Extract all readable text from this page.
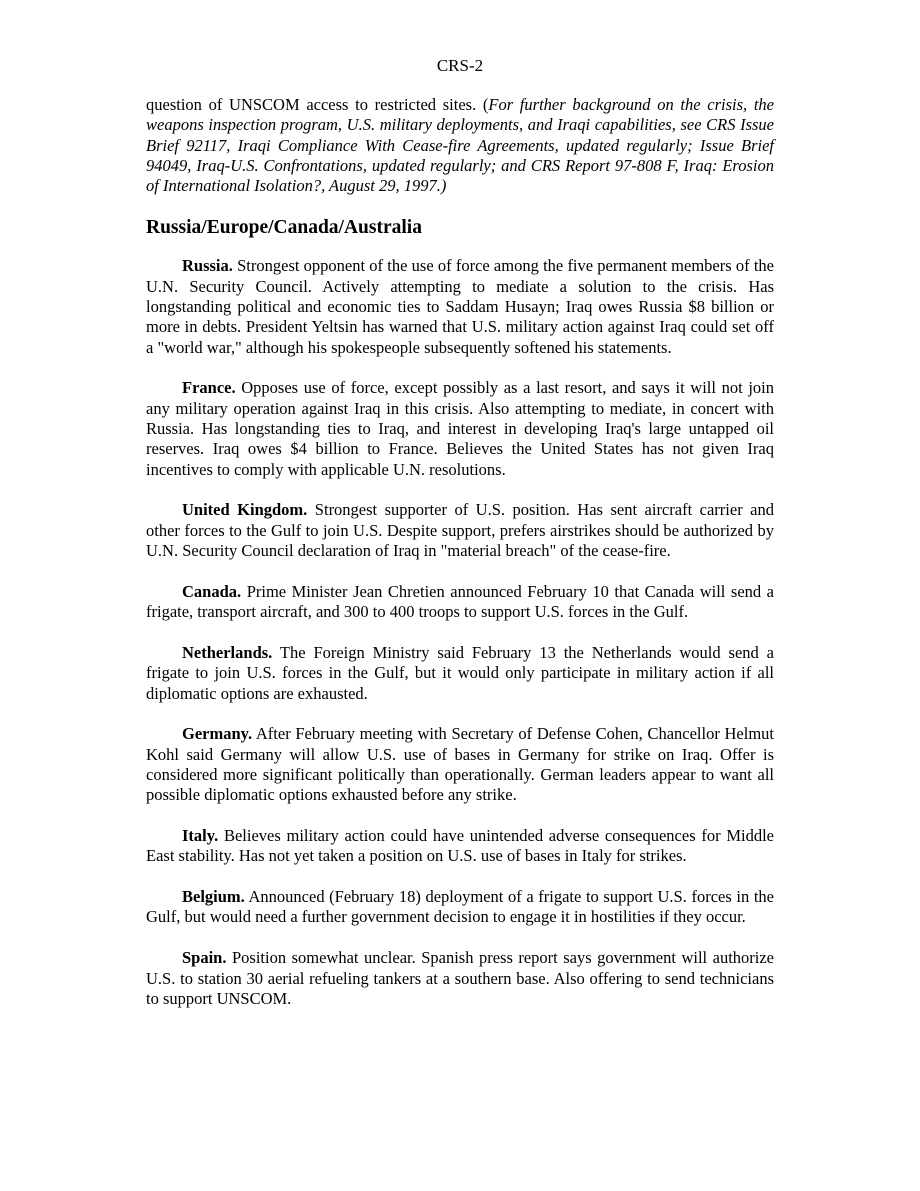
CRS-2

question of UNSCOM access to restricted sites. (For further background on the crisis, the weapons inspection program, U.S. military deployments, and Iraqi capabilities, see CRS Issue Brief 92117, Iraqi Compliance With Cease-fire Agreements, updated regularly; Issue Brief 94049, Iraq-U.S. Confrontations, updated regularly; and CRS Report 97-808 F, Iraq: Erosion of International Isolation?, August 29, 1997.)

Russia/Europe/Canada/Australia

Russia. Strongest opponent of the use of force among the five permanent members of the U.N. Security Council. Actively attempting to mediate a solution to the crisis. Has longstanding political and economic ties to Saddam Husayn; Iraq owes Russia $8 billion or more in debts. President Yeltsin has warned that U.S. military action against Iraq could set off a "world war," although his spokespeople subsequently softened his statements.

France. Opposes use of force, except possibly as a last resort, and says it will not join any military operation against Iraq in this crisis. Also attempting to mediate, in concert with Russia. Has longstanding ties to Iraq, and interest in developing Iraq's large untapped oil reserves. Iraq owes $4 billion to France. Believes the United States has not given Iraq incentives to comply with applicable U.N. resolutions.

United Kingdom. Strongest supporter of U.S. position. Has sent aircraft carrier and other forces to the Gulf to join U.S. Despite support, prefers airstrikes should be authorized by U.N. Security Council declaration of Iraq in "material breach" of the cease-fire.

Canada. Prime Minister Jean Chretien announced February 10 that Canada will send a frigate, transport aircraft, and 300 to 400 troops to support U.S. forces in the Gulf.

Netherlands. The Foreign Ministry said February 13 the Netherlands would send a frigate to join U.S. forces in the Gulf, but it would only participate in military action if all diplomatic options are exhausted.

Germany. After February meeting with Secretary of Defense Cohen, Chancellor Helmut Kohl said Germany will allow U.S. use of bases in Germany for strike on Iraq. Offer is considered more significant politically than operationally. German leaders appear to want all possible diplomatic options exhausted before any strike.

Italy. Believes military action could have unintended adverse consequences for Middle East stability. Has not yet taken a position on U.S. use of bases in Italy for strikes.

Belgium. Announced (February 18) deployment of a frigate to support U.S. forces in the Gulf, but would need a further government decision to engage it in hostilities if they occur.

Spain. Position somewhat unclear. Spanish press report says government will authorize U.S. to station 30 aerial refueling tankers at a southern base. Also offering to send technicians to support UNSCOM.
